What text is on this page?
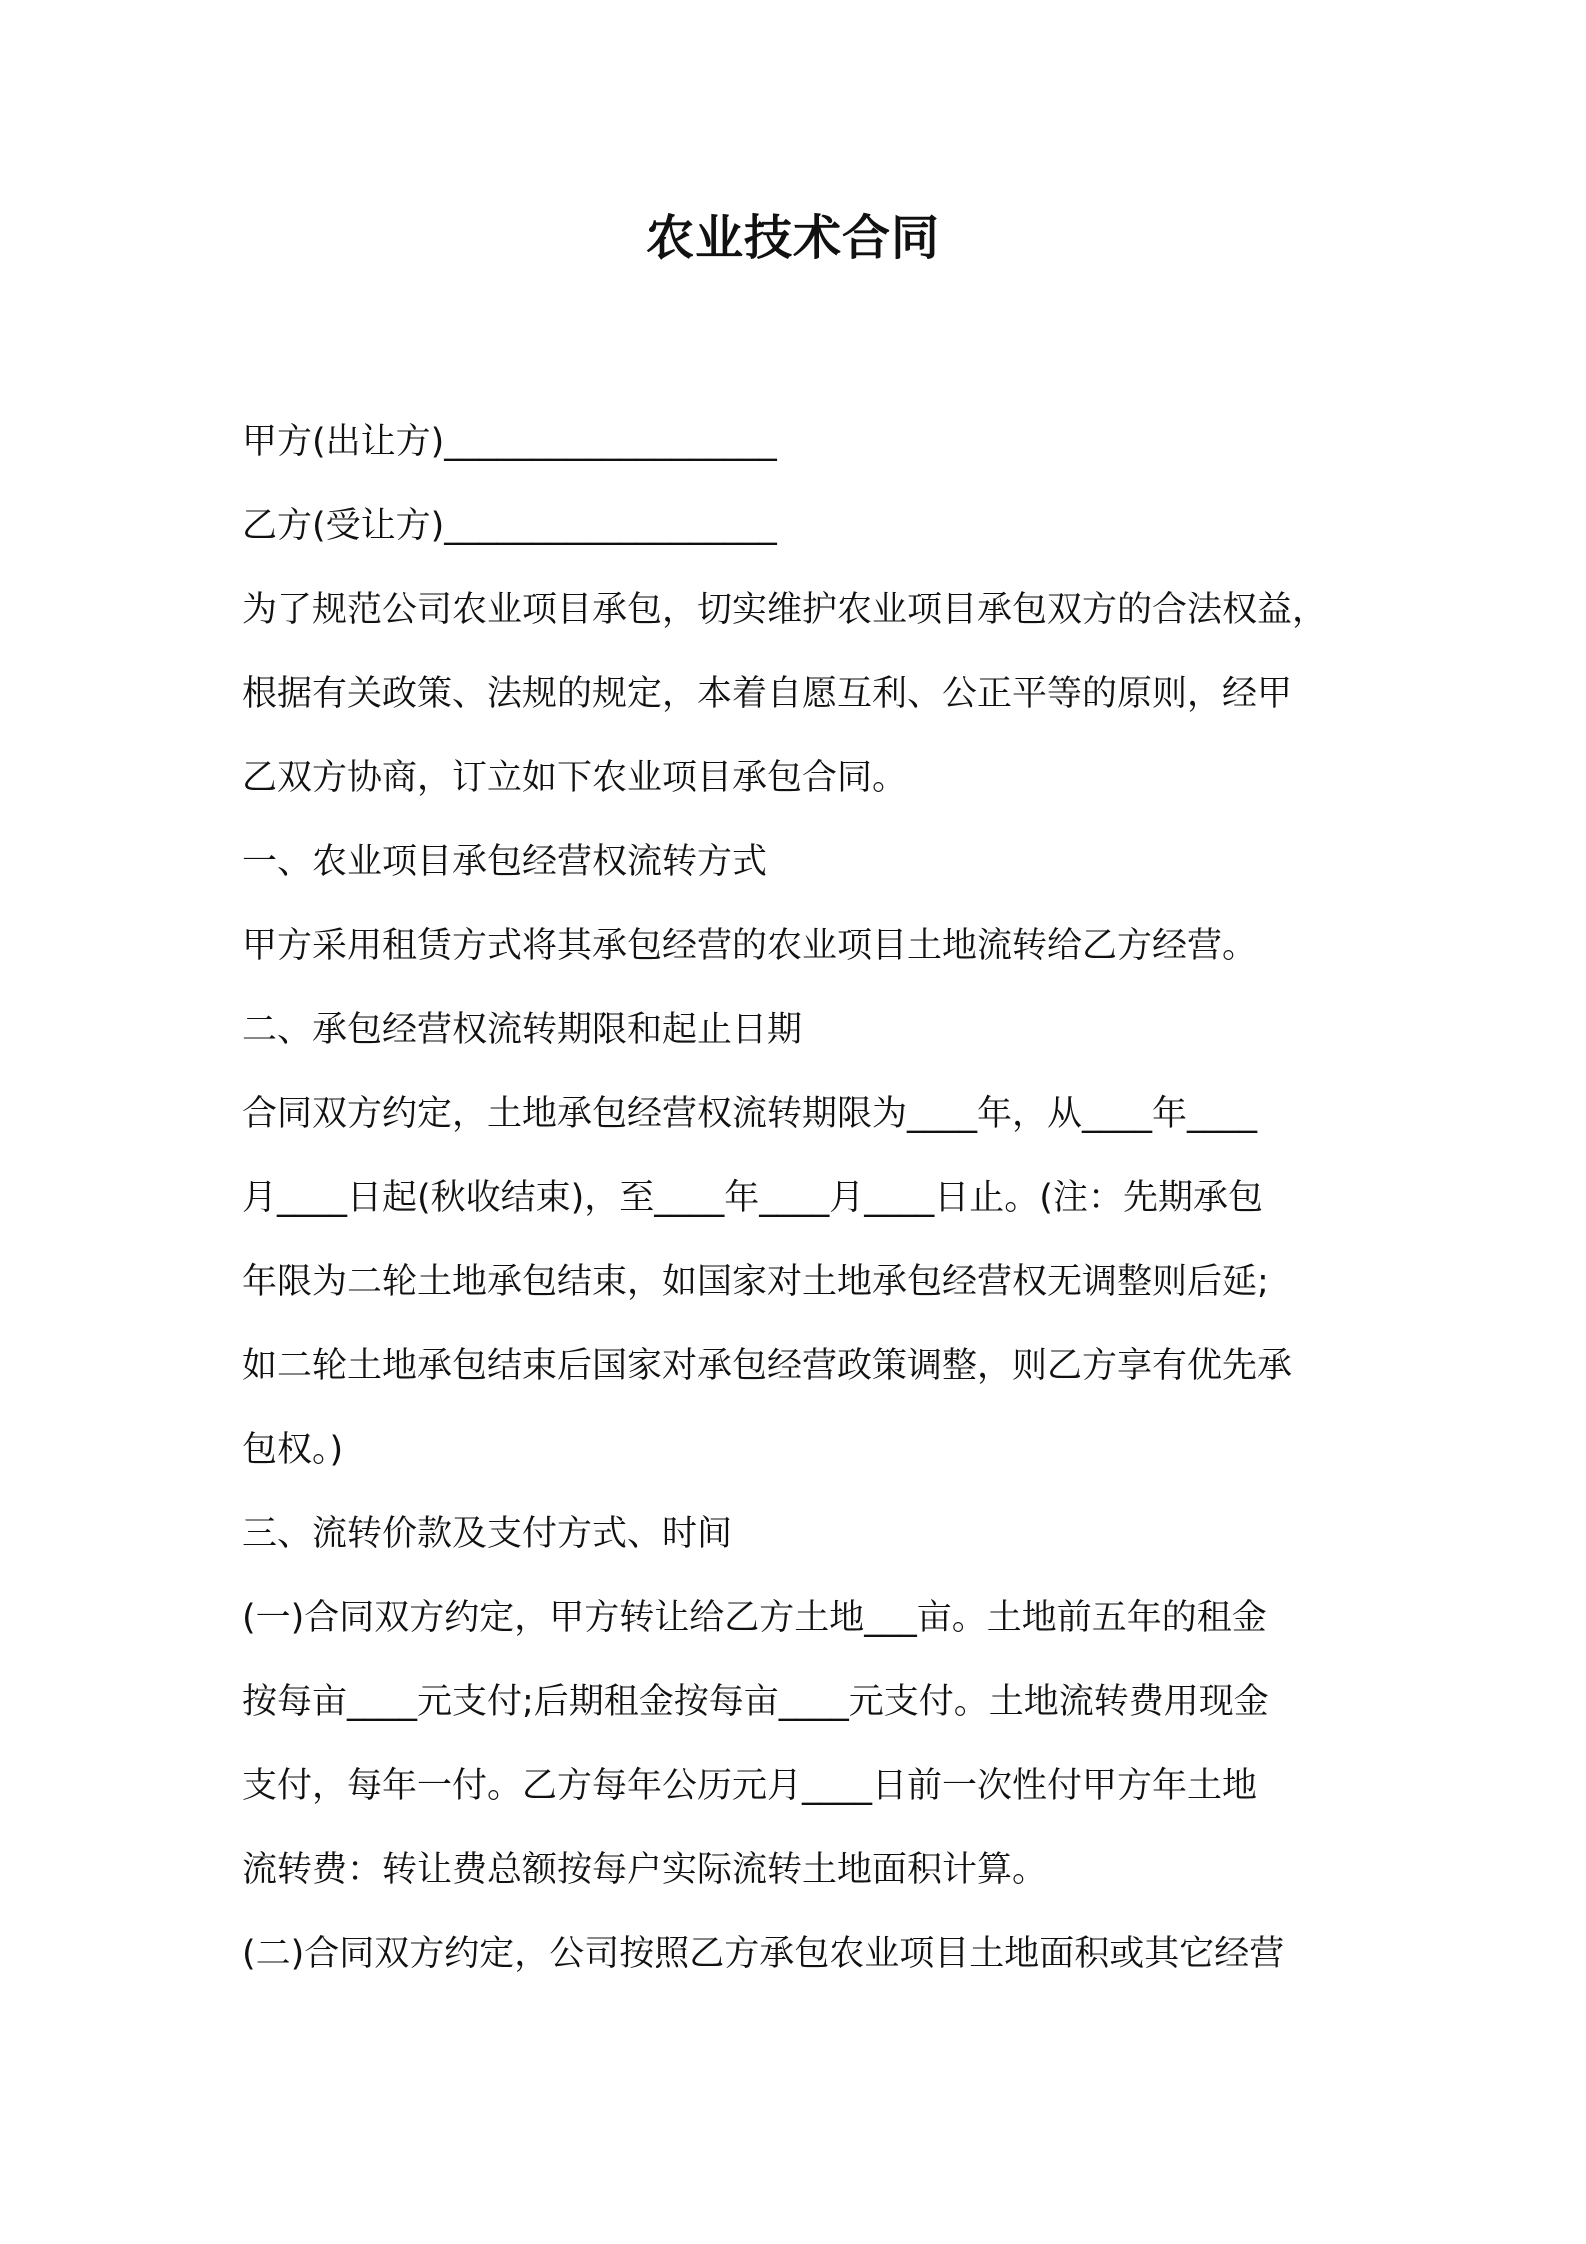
农业技术合同
甲方(出让方)___________________
乙方(受让方)___________________
为了规范公司农业项目承包，切实维护农业项目承包双方的合法权益，
根据有关政策、法规的规定，本着自愿互利、公正平等的原则，经甲
乙双方协商，订立如下农业项目承包合同。
一、农业项目承包经营权流转方式
甲方采用租赁方式将其承包经营的农业项目土地流转给乙方经营。
二、承包经营权流转期限和起止日期
合同双方约定，土地承包经营权流转期限为____年，从____年____
月____日起(秋收结束)，至____年____月____日止。(注：先期承包
年限为二轮土地承包结束，如国家对土地承包经营权无调整则后延;
如二轮土地承包结束后国家对承包经营政策调整，则乙方享有优先承
包权。)
三、流转价款及支付方式、时间
(一)合同双方约定，甲方转让给乙方土地___亩。土地前五年的租金
按每亩____元支付;后期租金按每亩____元支付。土地流转费用现金
支付，每年一付。乙方每年公历元月____日前一次性付甲方年土地
流转费：转让费总额按每户实际流转土地面积计算。
(二)合同双方约定，公司按照乙方承包农业项目土地面积或其它经营
